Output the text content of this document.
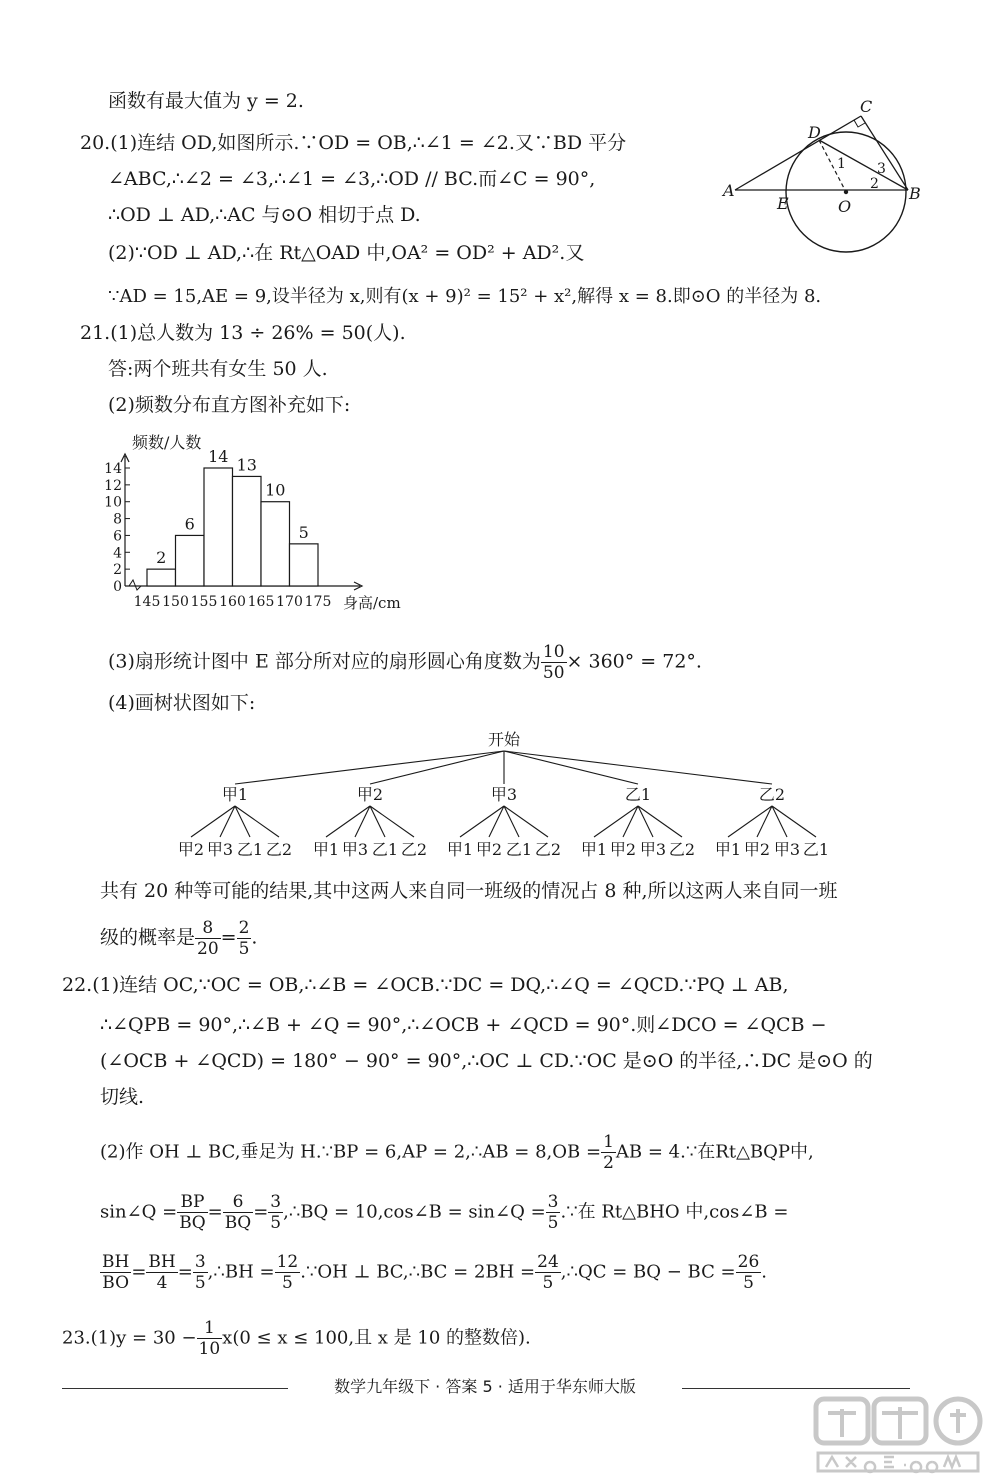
函数有最大值为 y = 2.
20.(1)连结 OD,如图所示.∵OD = OB,∴∠1 = ∠2.又∵BD 平分
∠ABC,∴∠2 = ∠3,∴∠1 = ∠3,∴OD // BC.而∠C = 90°,
∴OD ⊥ AD,∴AC 与⊙O 相切于点 D.
(2)∵OD ⊥ AD,∴在 Rt△OAD 中,OA² = OD² + AD².又
∵AD = 15,AE = 9,设半径为 x,则有(x + 9)² = 15² + x²,解得 x = 8.即⊙O 的半径为 8.
21.(1)总人数为 13 ÷ 26% = 50(人).
答:两个班共有女生 50 人.
(2)频数分布直方图补充如下:
C
D
A
E	O
B
1
2
3
频数/人数
身高/cm
0
2
4
6
8
10
12
14
145 150 155 160 165 170 175
2
6
14 13
10
5
(3)扇形统计图中 E 部分所对应的扇形圆心角度数为 $\frac{10}{50} \times 360^\circ = 72^\circ$.
(4)画树状图如下:
开始
甲1
甲2 甲3 乙1 乙2
甲2
甲1 甲3 乙1 乙2
甲3
甲1 甲2 乙1 乙2
乙1
甲1 甲2 甲3 乙2
乙2
甲1 甲2 甲3 乙1
共有 20 种等可能的结果,其中这两人来自同一班级的情况占 8 种,所以这两人来自同一班
级的概率是 $\frac{8}{20} = \frac{2}{5}$ .
22.(1)连结 OC,∵OC = OB,∴∠B = ∠OCB.∵DC = DQ,∴∠Q = ∠QCD.∵PQ ⊥ AB,
∴∠QPB = 90°,∴∠B + ∠Q = 90°,∴∠OCB + ∠QCD = 90°.则∠DCO = ∠QCB −
(∠OCB + ∠QCD) = 180° − 90° = 90°,∴OC ⊥ CD.∵OC 是⊙O 的半径,∴DC 是⊙O 的
切线.
(2)作 OH ⊥ BC,垂足为 H.∵BP = 6,AP = 2,∴AB = $8,OB = \frac{1}{2}$ AB = 4.∵在Rt△BQP中,
sin∠Q = $\frac{BP}{BQ} = \frac{6}{BQ} = \frac{3}{5}$ ,∴BQ = 10,cos∠B = sin∠Q = $\frac{3}{5}$ .∵在 Rt△BHO 中,cos∠B =
$\frac{BH}{BO} = \frac{BH}{4} = \frac{3}{5}$ ,∴BH = $\frac{12}{5}$ .∵OH ⊥ BC,∴BC = $2BH = \frac{24}{5}$ ,∴QC = BQ − BC = $\frac{26}{5}$ .
$23.(1)y = 30 - \frac{1}{10} x(0 \le x \le 100$,且 x 是 10 的整数倍).
数学九年级下 · 答案 5 · 适用于华东师大版
